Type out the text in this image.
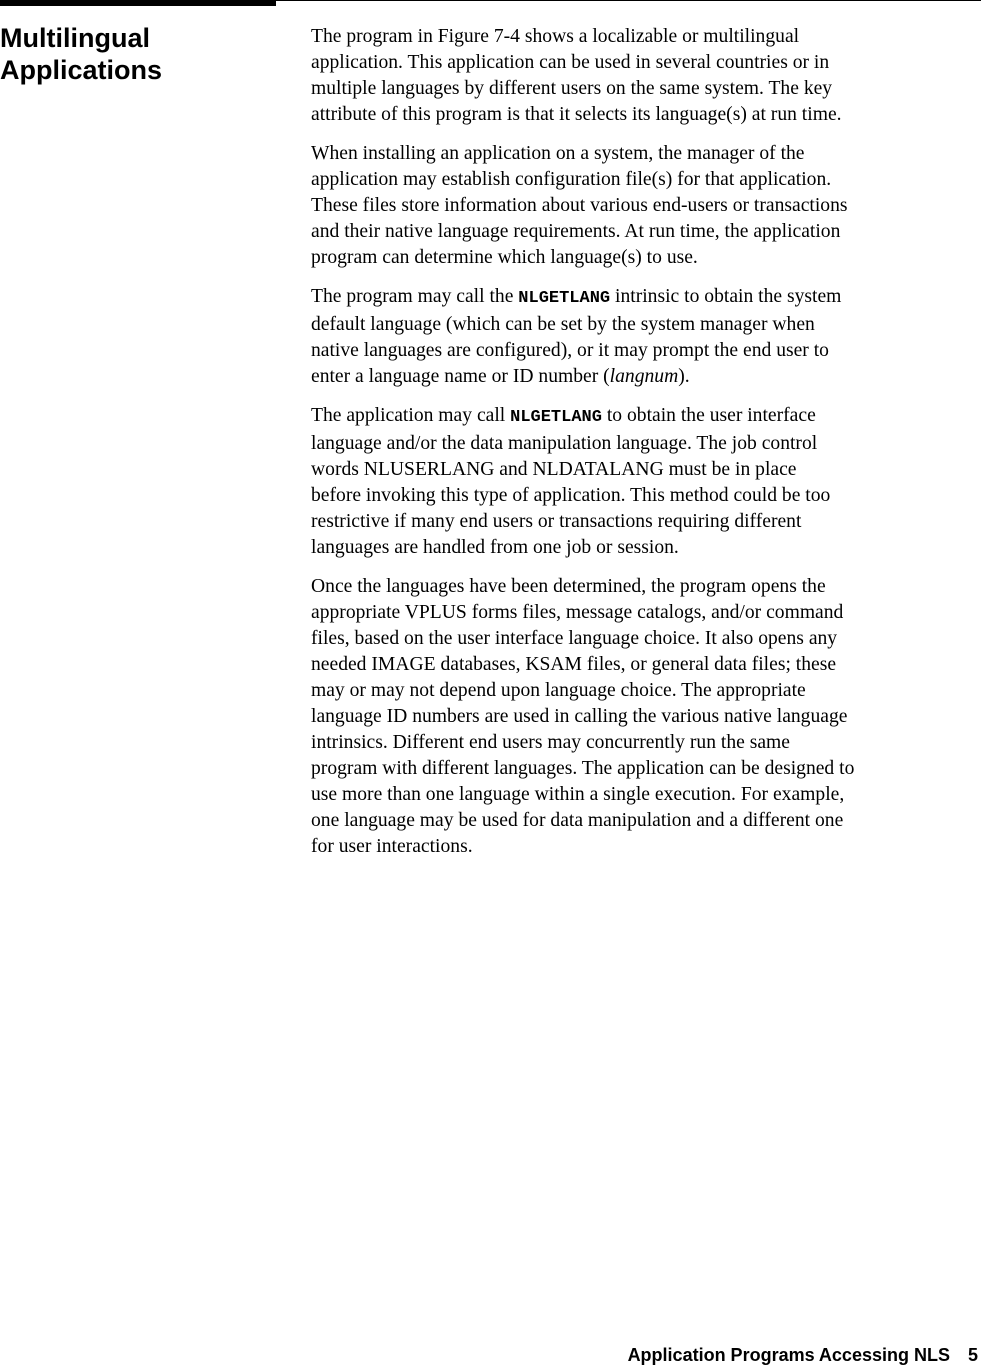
Multilingual
Applications

The program in Figure 7-4 shows a localizable or multilingual
application. This application can be used in several countries or in
multiple languages by different users on the same system. The key
attribute of this program is that it selects its language(s) at run time.

When installing an application on a system, the manager of the
application may establish configuration file(s) for that application.
These files store information about various end-users or transactions
and their native language requirements. At run time, the application
program can determine which language(s) to use.

The program may call the NLGETLANG intrinsic to obtain the system
default language (which can be set by the system manager when
native languages are configured), or it may prompt the end user to
enter a language name or ID number (langnum).

The application may call NLGETLANG to obtain the user interface
language and/or the data manipulation language. The job control
words NLUSERLANG and NLDATALANG must be in place
before invoking this type of application. This method could be too
restrictive if many end users or transactions requiring different
languages are handled from one job or session.

Once the languages have been determined, the program opens the
appropriate VPLUS forms files, message catalogs, and/or command
files, based on the user interface language choice. It also opens any
needed IMAGE databases, KSAM files, or general data files; these
may or may not depend upon language choice. The appropriate
language ID numbers are used in calling the various native language
intrinsics. Different end users may concurrently run the same
program with different languages. The application can be designed to
use more than one language within a single execution. For example,
one language may be used for data manipulation and a different one
for user interactions.

Application Programs Accessing NLS 5
